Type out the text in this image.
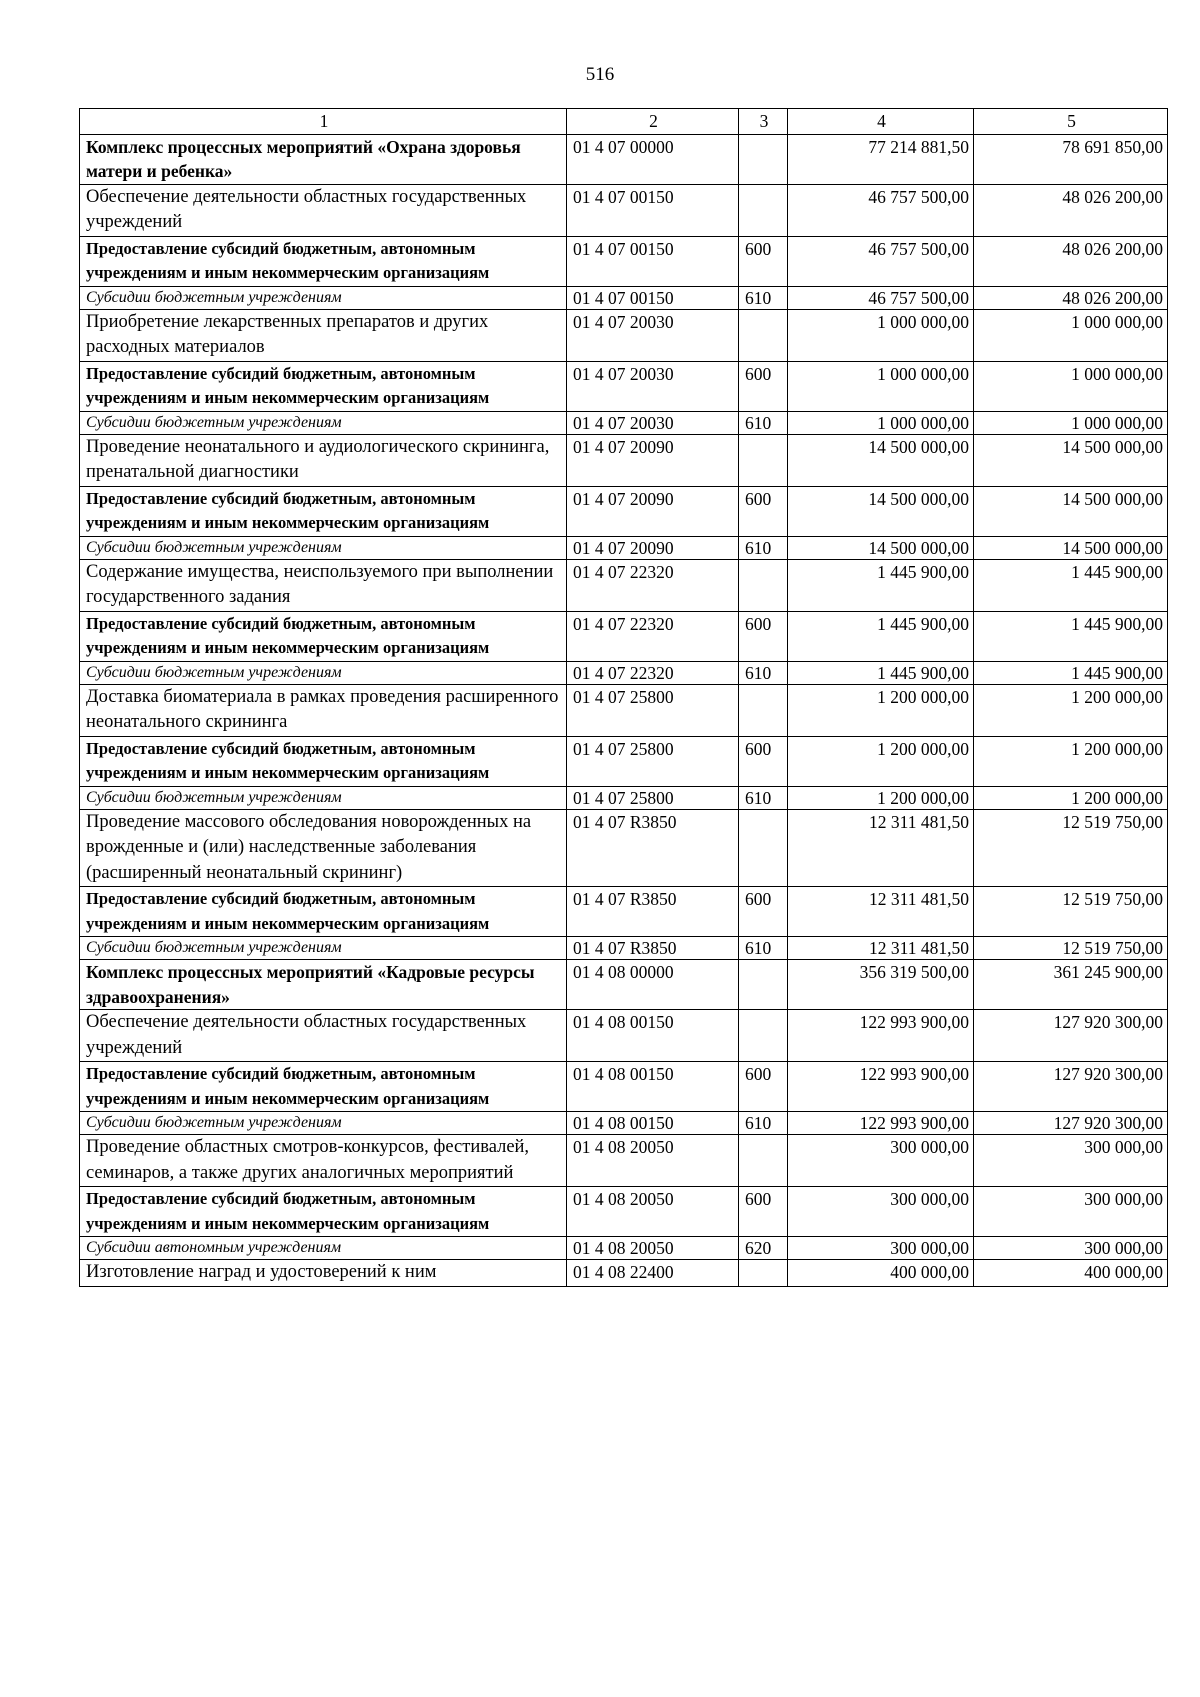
516
1	2	3	4	5
Комплекс процессных мероприятий «Охрана здоровья матери и ребенка»	01 4 07 00000		77 214 881,50	78 691 850,00
Обеспечение деятельности областных государственных учреждений	01 4 07 00150		46 757 500,00	48 026 200,00
Предоставление субсидий бюджетным, автономным учреждениям и иным некоммерческим организациям	01 4 07 00150	600	46 757 500,00	48 026 200,00
Субсидии бюджетным учреждениям	01 4 07 00150	610	46 757 500,00	48 026 200,00
Приобретение лекарственных препаратов и других расходных материалов	01 4 07 20030		1 000 000,00	1 000 000,00
Предоставление субсидий бюджетным, автономным учреждениям и иным некоммерческим организациям	01 4 07 20030	600	1 000 000,00	1 000 000,00
Субсидии бюджетным учреждениям	01 4 07 20030	610	1 000 000,00	1 000 000,00
Проведение неонатального и аудиологического скрининга, пренатальной диагностики	01 4 07 20090		14 500 000,00	14 500 000,00
Предоставление субсидий бюджетным, автономным учреждениям и иным некоммерческим организациям	01 4 07 20090	600	14 500 000,00	14 500 000,00
Субсидии бюджетным учреждениям	01 4 07 20090	610	14 500 000,00	14 500 000,00
Содержание имущества, неиспользуемого при выполнении государственного задания	01 4 07 22320		1 445 900,00	1 445 900,00
Предоставление субсидий бюджетным, автономным учреждениям и иным некоммерческим организациям	01 4 07 22320	600	1 445 900,00	1 445 900,00
Субсидии бюджетным учреждениям	01 4 07 22320	610	1 445 900,00	1 445 900,00
Доставка биоматериала в рамках проведения расширенного неонатального скрининга	01 4 07 25800		1 200 000,00	1 200 000,00
Предоставление субсидий бюджетным, автономным учреждениям и иным некоммерческим организациям	01 4 07 25800	600	1 200 000,00	1 200 000,00
Субсидии бюджетным учреждениям	01 4 07 25800	610	1 200 000,00	1 200 000,00
Проведение массового обследования новорожденных на врожденные и (или) наследственные заболевания (расширенный неонатальный скрининг)	01 4 07 R3850		12 311 481,50	12 519 750,00
Предоставление субсидий бюджетным, автономным учреждениям и иным некоммерческим организациям	01 4 07 R3850	600	12 311 481,50	12 519 750,00
Субсидии бюджетным учреждениям	01 4 07 R3850	610	12 311 481,50	12 519 750,00
Комплекс процессных мероприятий «Кадровые ресурсы здравоохранения»	01 4 08 00000		356 319 500,00	361 245 900,00
Обеспечение деятельности областных государственных учреждений	01 4 08 00150		122 993 900,00	127 920 300,00
Предоставление субсидий бюджетным, автономным учреждениям и иным некоммерческим организациям	01 4 08 00150	600	122 993 900,00	127 920 300,00
Субсидии бюджетным учреждениям	01 4 08 00150	610	122 993 900,00	127 920 300,00
Проведение областных смотров-конкурсов, фестивалей, семинаров, а также других аналогичных мероприятий	01 4 08 20050		300 000,00	300 000,00
Предоставление субсидий бюджетным, автономным учреждениям и иным некоммерческим организациям	01 4 08 20050	600	300 000,00	300 000,00
Субсидии автономным учреждениям	01 4 08 20050	620	300 000,00	300 000,00
Изготовление наград и удостоверений к ним	01 4 08 22400		400 000,00	400 000,00
